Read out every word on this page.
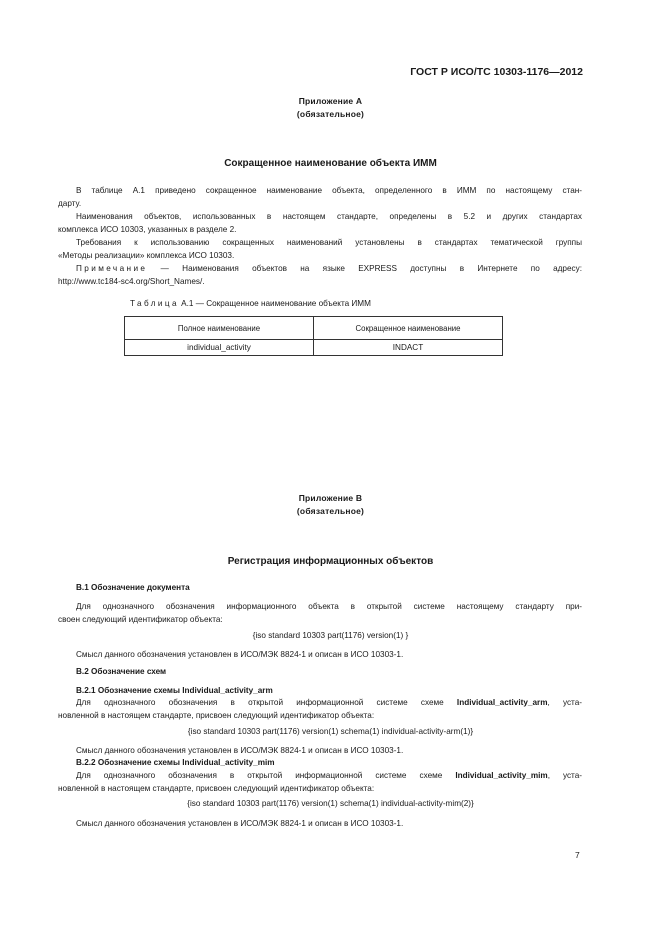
ГОСТ Р ИСО/ТС 10303-1176—2012
Приложение А
(обязательное)
Сокращенное наименование объекта ИММ
В таблице А.1 приведено сокращенное наименование объекта, определенного в ИММ по настоящему стан-
дарту.
Наименования объектов, использованных в настоящем стандарте, определены в 5.2 и других стандартах
комплекса ИСО 10303, указанных в разделе 2.
Требования к использованию сокращенных наименований установлены в стандартах тематической группы
«Методы реализации» комплекса ИСО 10303.
Примечание — Наименования объектов на языке EXPRESS доступны в Интернете по адресу:
http://www.tc184-sc4.org/Short_Names/.
Таблица А.1 — Сокращенное наименование объекта ИММ
Полное наименование	Сокращенное наименование
individual_activity	INDACT
Приложение В
(обязательное)
Регистрация информационных объектов
В.1 Обозначение документа
Для однозначного обозначения информационного объекта в открытой системе настоящему стандарту при-
своен следующий идентификатор объекта:
{iso standard 10303 part(1176) version(1) }
Смысл данного обозначения установлен в ИСО/МЭК 8824-1 и описан в ИСО 10303-1.
В.2 Обозначение схем
В.2.1 Обозначение схемы Individual_activity_arm
Для однозначного обозначения в открытой информационной системе схеме Individual_activity_arm, уста-
новленной в настоящем стандарте, присвоен следующий идентификатор объекта:
{iso standard 10303 part(1176) version(1) schema(1) individual-activity-arm(1)}
Смысл данного обозначения установлен в ИСО/МЭК 8824-1 и описан в ИСО 10303-1.
В.2.2 Обозначение схемы Individual_activity_mim
Для однозначного обозначения в открытой информационной системе схеме Individual_activity_mim, уста-
новленной в настоящем стандарте, присвоен следующий идентификатор объекта:
{iso standard 10303 part(1176) version(1) schema(1) individual-activity-mim(2)}
Смысл данного обозначения установлен в ИСО/МЭК 8824-1 и описан в ИСО 10303-1.
7
